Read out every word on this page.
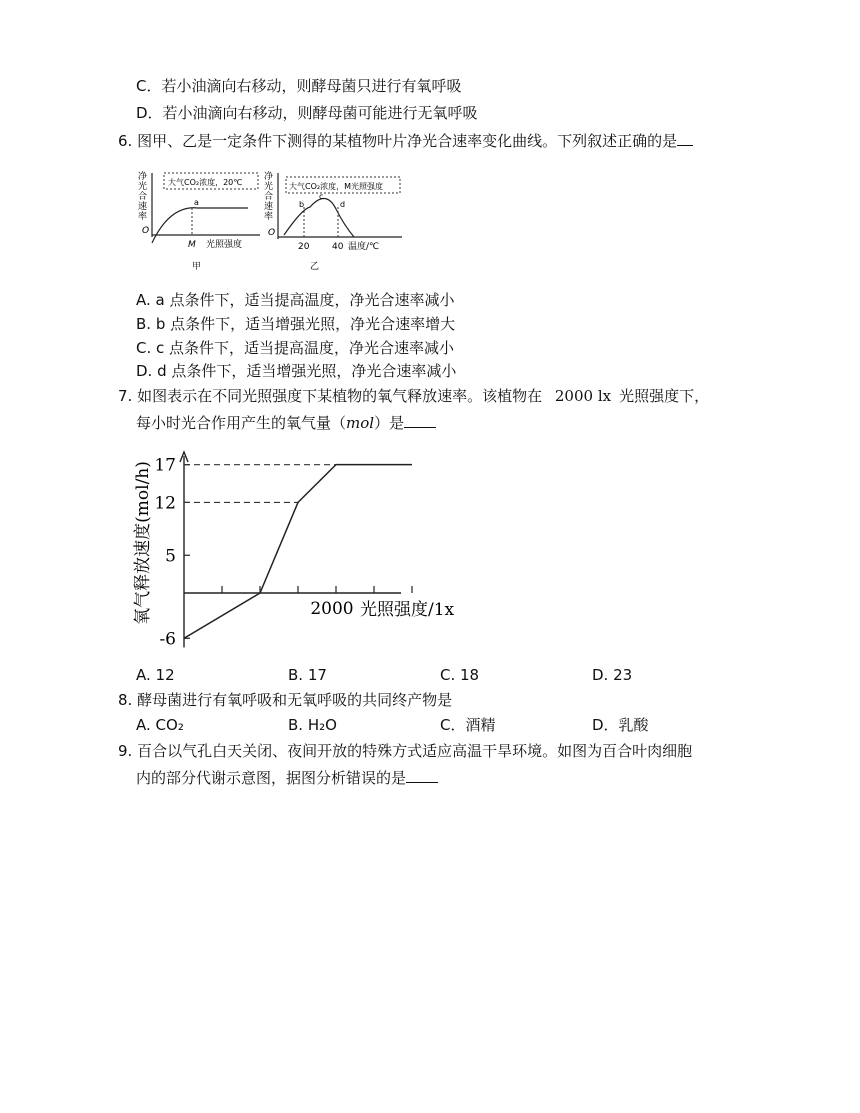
C．若小油滴向右移动，则酵母菌只进行有氧呼吸
D．若小油滴向右移动，则酵母菌可能进行无氧呼吸
6. 图甲、乙是一定条件下测得的某植物叶片净光合速率变化曲线。下列叙述正确的是
净
光
合
速
率
大气CO₂浓度，20℃
a
O
M 光照强度
甲
净
光
合
速
率
大气CO₂浓度，M光照强度
b
c
d
O
20	40 温度/℃
乙
A. a 点条件下，适当提高温度，净光合速率减小
B. b 点条件下，适当增强光照，净光合速率增大
C. c 点条件下，适当提高温度，净光合速率减小
D. d 点条件下，适当增强光照，净光合速率减小
7. 如图表示在不同光照强度下某植物的氧气释放速率。该植物在 2000 lx 光照强度下，
每小时光合作用产生的氧气量（mol）是
17
12
5
-6
2000 光照强度/1x
氧气释放速度(mol/h)
A. 12	B. 17	C. 18	D. 23
8. 酵母菌进行有氧呼吸和无氧呼吸的共同终产物是
A. CO₂	B. H₂O	C．酒精	D．乳酸
9. 百合以气孔白天关闭、夜间开放的特殊方式适应高温干旱环境。如图为百合叶肉细胞
内的部分代谢示意图，据图分析错误的是
